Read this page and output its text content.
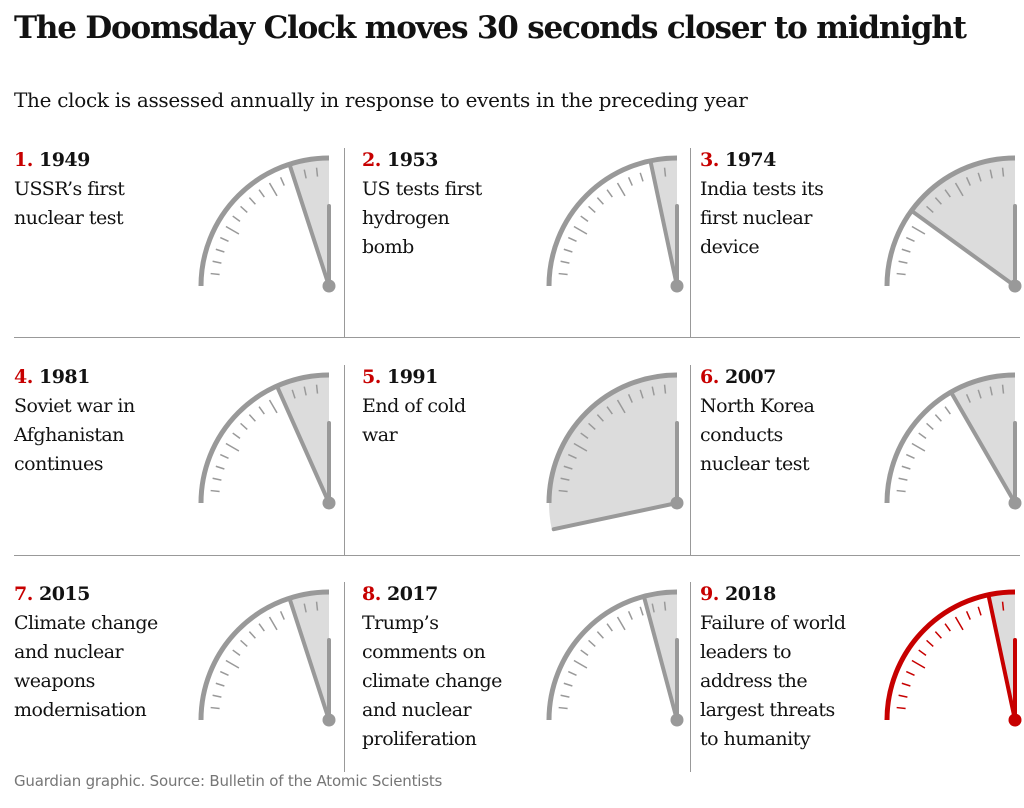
The Doomsday Clock moves 30 seconds closer to midnight

The clock is assessed annually in response to events in the preceding year

1. 1949
USSR’s first
nuclear test
2. 1953
US tests first
hydrogen
bomb
3. 1974
India tests its
first nuclear
device
4. 1981
Soviet war in
Afghanistan
continues
5. 1991
End of cold
war
6. 2007
North Korea
conducts
nuclear test
7. 2015
Climate change
and nuclear
weapons
modernisation
8. 2017
Trump’s
comments on
climate change
and nuclear
proliferation
9. 2018
Failure of world
leaders to
address the
largest threats
to humanity

Guardian graphic. Source: Bulletin of the Atomic Scientists
